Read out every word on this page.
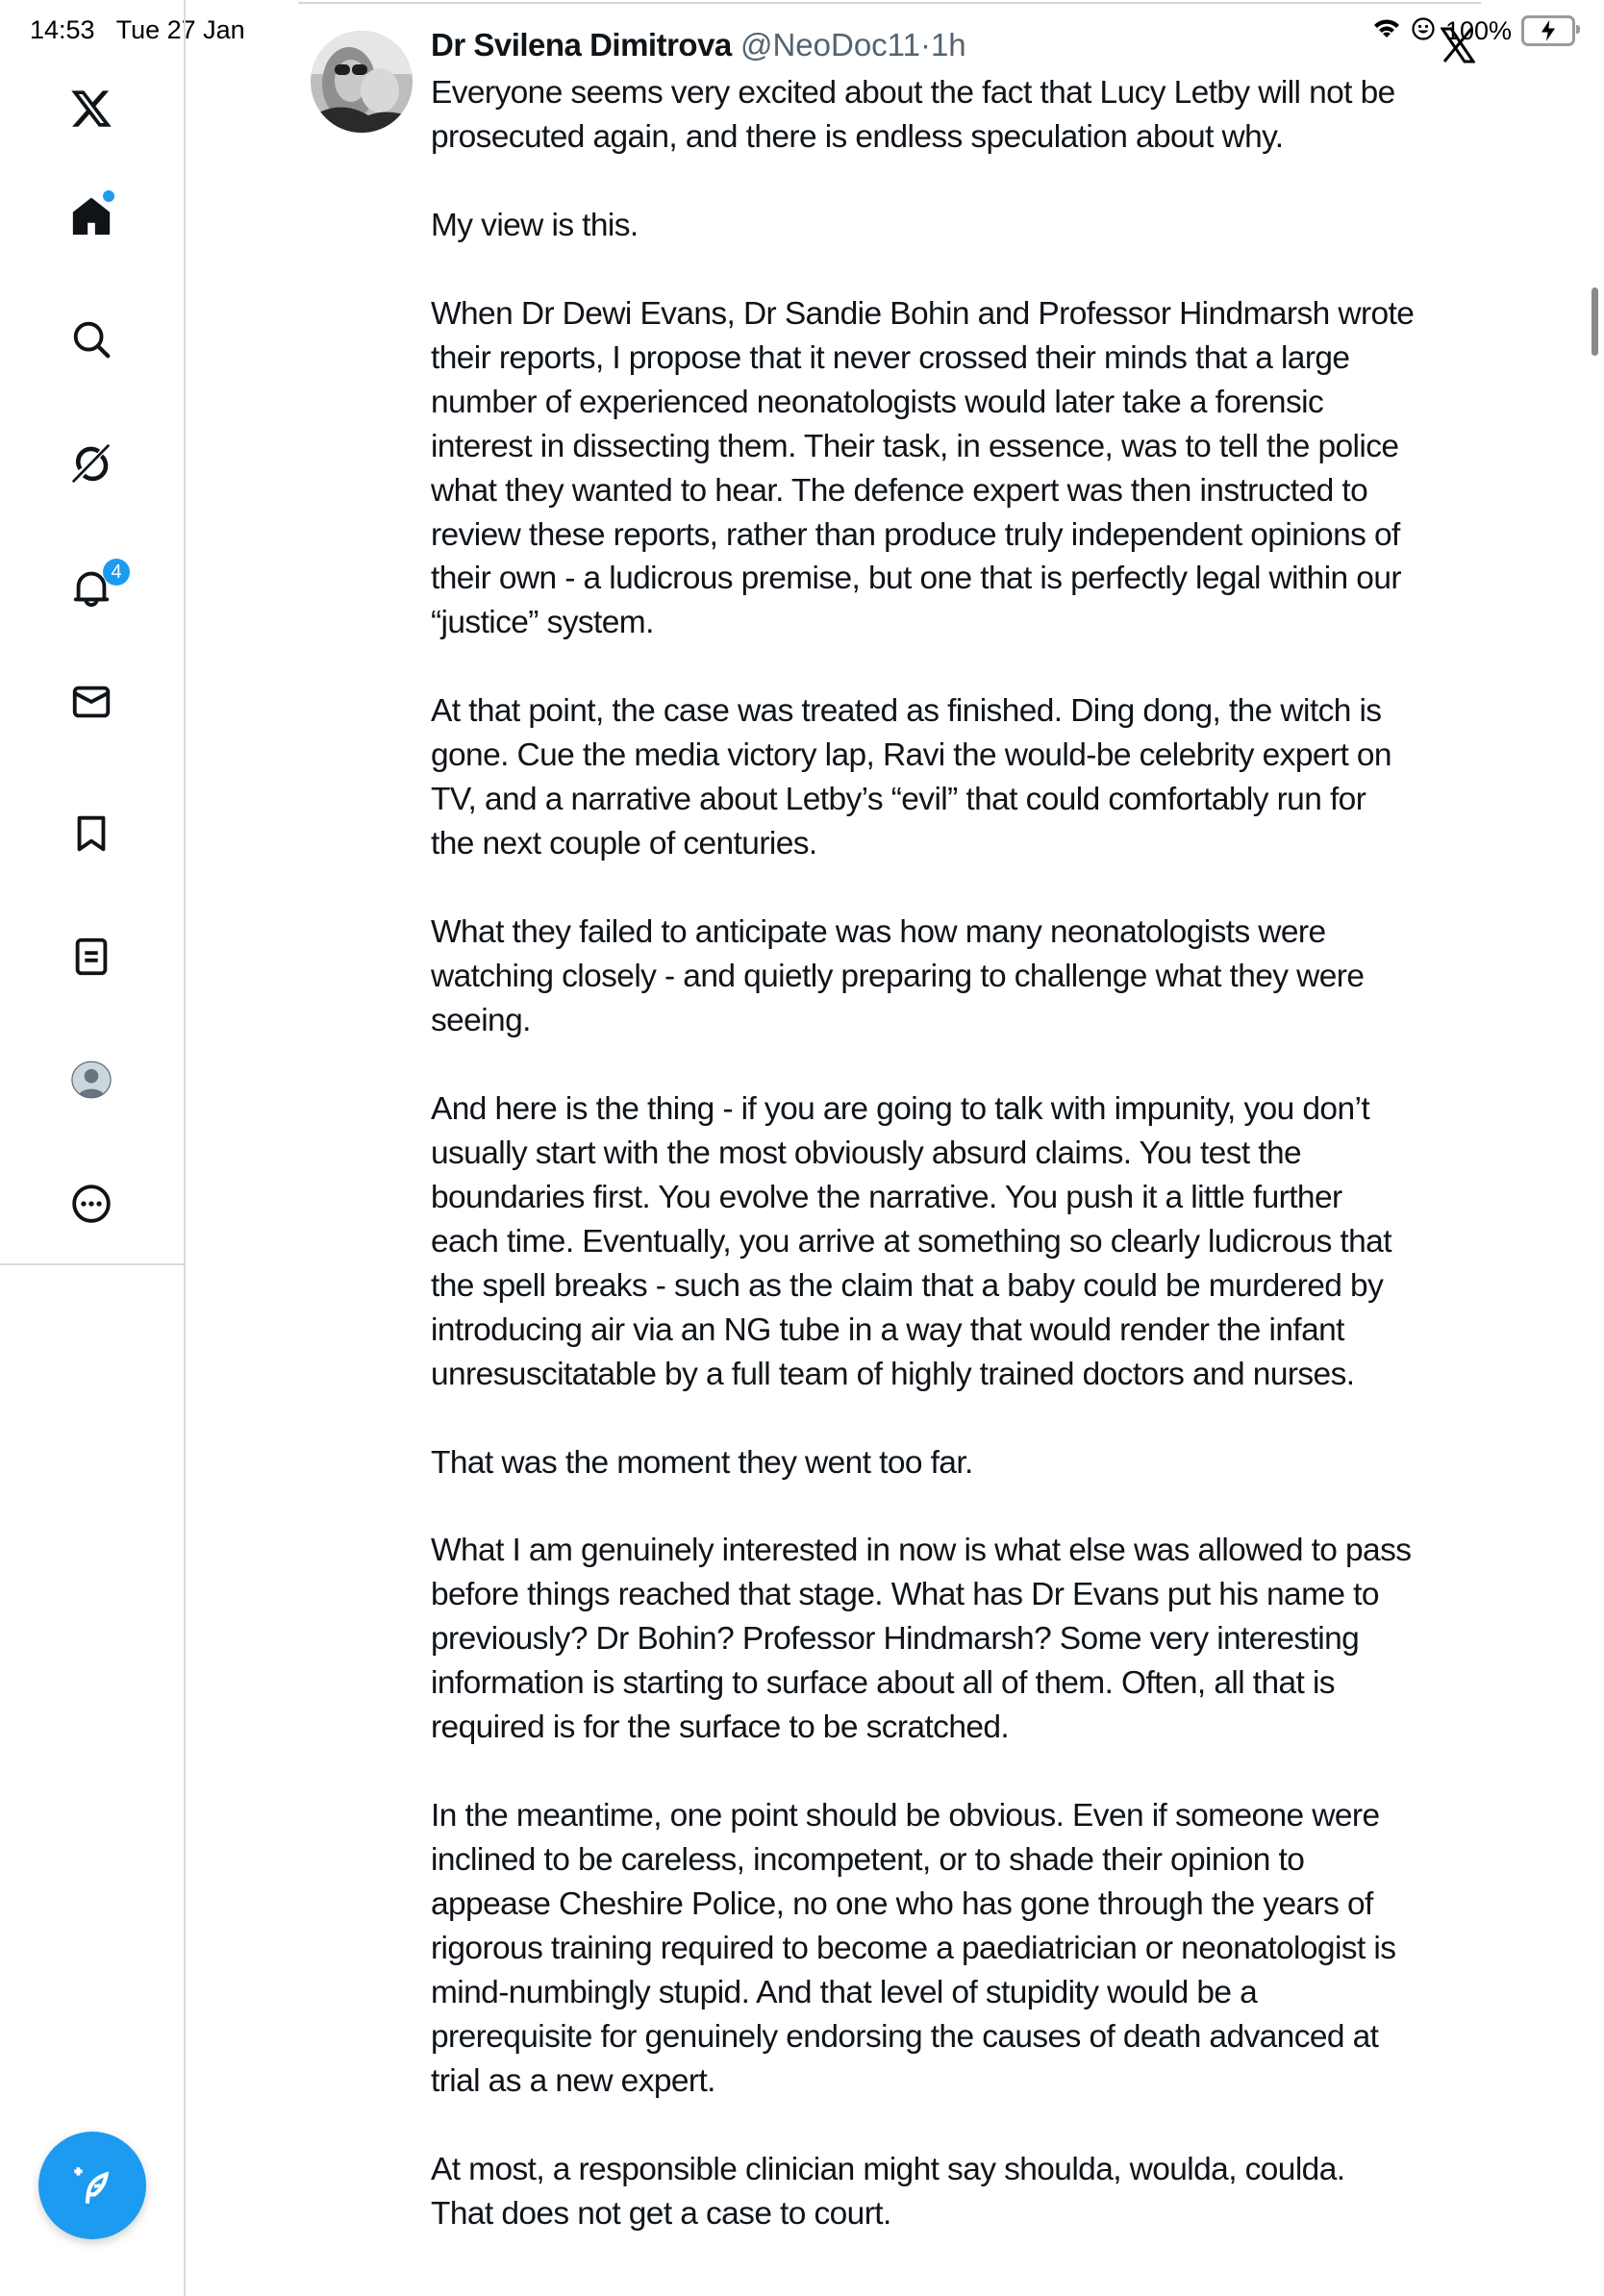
14:53 Tue 27 Jan	100%
4
Dr Svilena Dimitrova @NeoDoc11·1h
Everyone seems very excited about the fact that Lucy Letby will not be
prosecuted again, and there is endless speculation about why.
My view is this.
When Dr Dewi Evans, Dr Sandie Bohin and Professor Hindmarsh wrote
their reports, I propose that it never crossed their minds that a large
number of experienced neonatologists would later take a forensic
interest in dissecting them. Their task, in essence, was to tell the police
what they wanted to hear. The defence expert was then instructed to
review these reports, rather than produce truly independent opinions of
their own - a ludicrous premise, but one that is perfectly legal within our
“justice” system.
At that point, the case was treated as finished. Ding dong, the witch is
gone. Cue the media victory lap, Ravi the would-be celebrity expert on
TV, and a narrative about Letby’s “evil” that could comfortably run for
the next couple of centuries.
What they failed to anticipate was how many neonatologists were
watching closely - and quietly preparing to challenge what they were
seeing.
And here is the thing - if you are going to talk with impunity, you don’t
usually start with the most obviously absurd claims. You test the
boundaries first. You evolve the narrative. You push it a little further
each time. Eventually, you arrive at something so clearly ludicrous that
the spell breaks - such as the claim that a baby could be murdered by
introducing air via an NG tube in a way that would render the infant
unresuscitatable by a full team of highly trained doctors and nurses.
That was the moment they went too far.
What I am genuinely interested in now is what else was allowed to pass
before things reached that stage. What has Dr Evans put his name to
previously? Dr Bohin? Professor Hindmarsh? Some very interesting
information is starting to surface about all of them. Often, all that is
required is for the surface to be scratched.
In the meantime, one point should be obvious. Even if someone were
inclined to be careless, incompetent, or to shade their opinion to
appease Cheshire Police, no one who has gone through the years of
rigorous training required to become a paediatrician or neonatologist is
mind-numbingly stupid. And that level of stupidity would be a
prerequisite for genuinely endorsing the causes of death advanced at
trial as a new expert.
At most, a responsible clinician might say shoulda, woulda, coulda.
That does not get a case to court.
